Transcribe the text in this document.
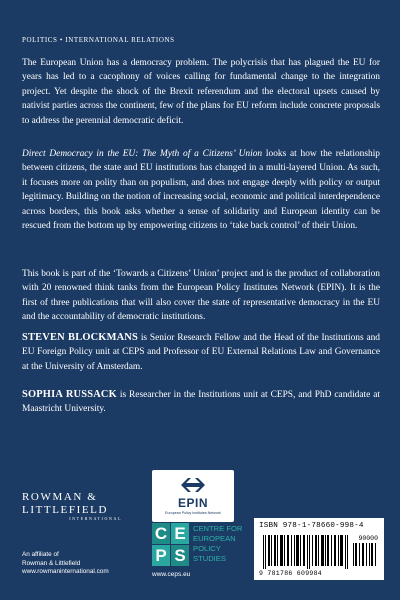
POLITICS • INTERNATIONAL RELATIONS
The European Union has a democracy problem. The polycrisis that has plagued the EU for years has led to a cacophony of voices calling for fundamental change to the integration project. Yet despite the shock of the Brexit referendum and the electoral upsets caused by nativist parties across the continent, few of the plans for EU reform include concrete proposals to address the perennial democratic deficit.
Direct Democracy in the EU: The Myth of a Citizens’ Union looks at how the relationship between citizens, the state and EU institutions has changed in a multi-layered Union. As such, it focuses more on polity than on populism, and does not engage deeply with policy or output legitimacy. Building on the notion of increasing social, economic and political interdependence across borders, this book asks whether a sense of solidarity and European identity can be rescued from the bottom up by empowering citizens to ‘take back control’ of their Union.
This book is part of the ‘Towards a Citizens’ Union’ project and is the product of collaboration with 20 renowned think tanks from the European Policy Institutes Network (EPIN). It is the first of three publications that will also cover the state of representative democracy in the EU and the accountability of democratic institutions.
STEVEN BLOCKMANS is Senior Research Fellow and the Head of the Institutions and EU Foreign Policy unit at CEPS and Professor of EU External Relations Law and Governance at the University of Amsterdam.
SOPHIA RUSSACK is Researcher in the Institutions unit at CEPS, and PhD candidate at Maastricht University.
ROWMAN &
LITTLEFIELD
INTERNATIONAL
An affiliate of
Rowman & Littlefield
www.rowmaninternational.com
EPIN
European Policy Institutes Network
C E
P S
CENTRE FOR
EUROPEAN
POLICY
STUDIES
www.ceps.eu
ISBN 978-1-78660-998-4
90000
9 781786 609984
